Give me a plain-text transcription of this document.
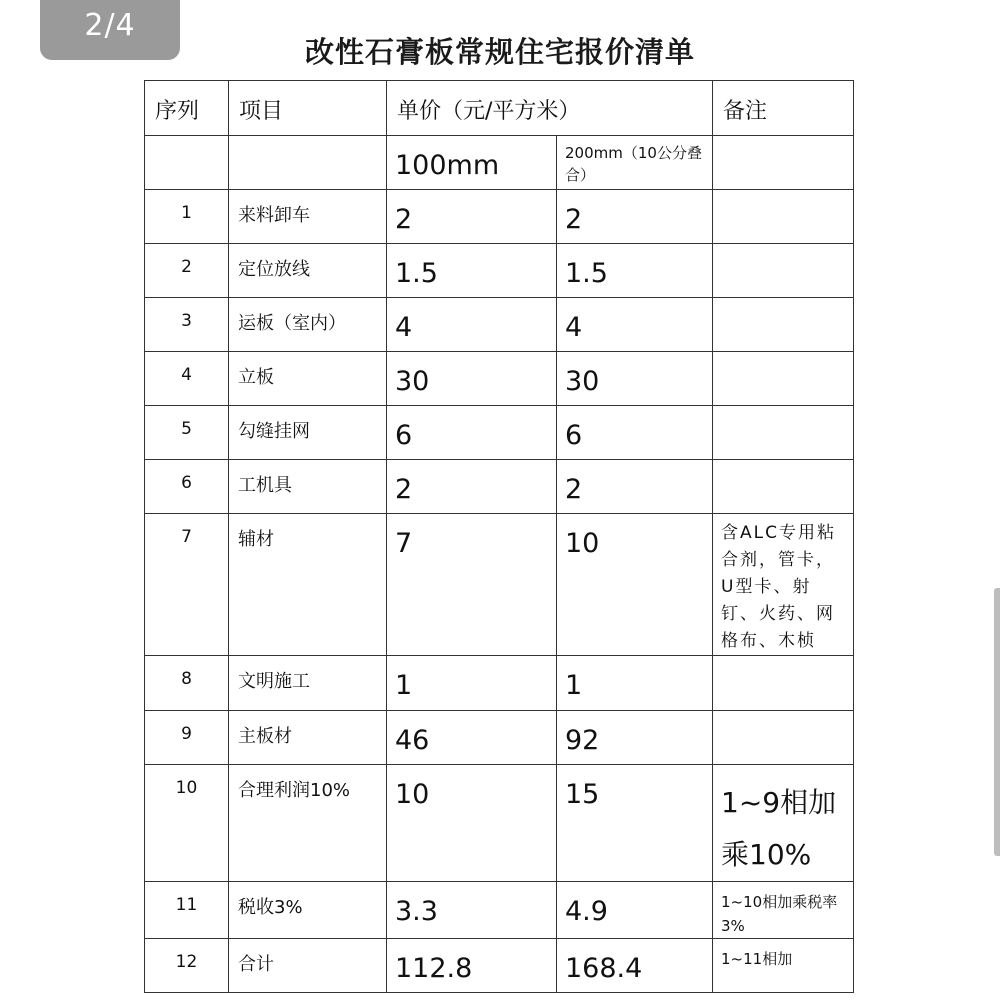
2/4
改性石膏板常规住宅报价清单
序列	项目	单价（元/平方米）		备注
		100mm	200mm（10公分叠合）	
1	来料卸车	2	2	
2	定位放线	1.5	1.5	
3	运板（室内）	4	4	
4	立板	30	30	
5	勾缝挂网	6	6	
6	工机具	2	2	
7	辅材	7	10	含ALC专用粘合剂，管卡，U型卡、射钉、火药、网格布、木桢
8	文明施工	1	1	
9	主板材	46	92	
10	合理利润10%	10	15	1~9相加乘10%
11	税收3%	3.3	4.9	1~10相加乘税率3%
12	合计	112.8	168.4	1~11相加
